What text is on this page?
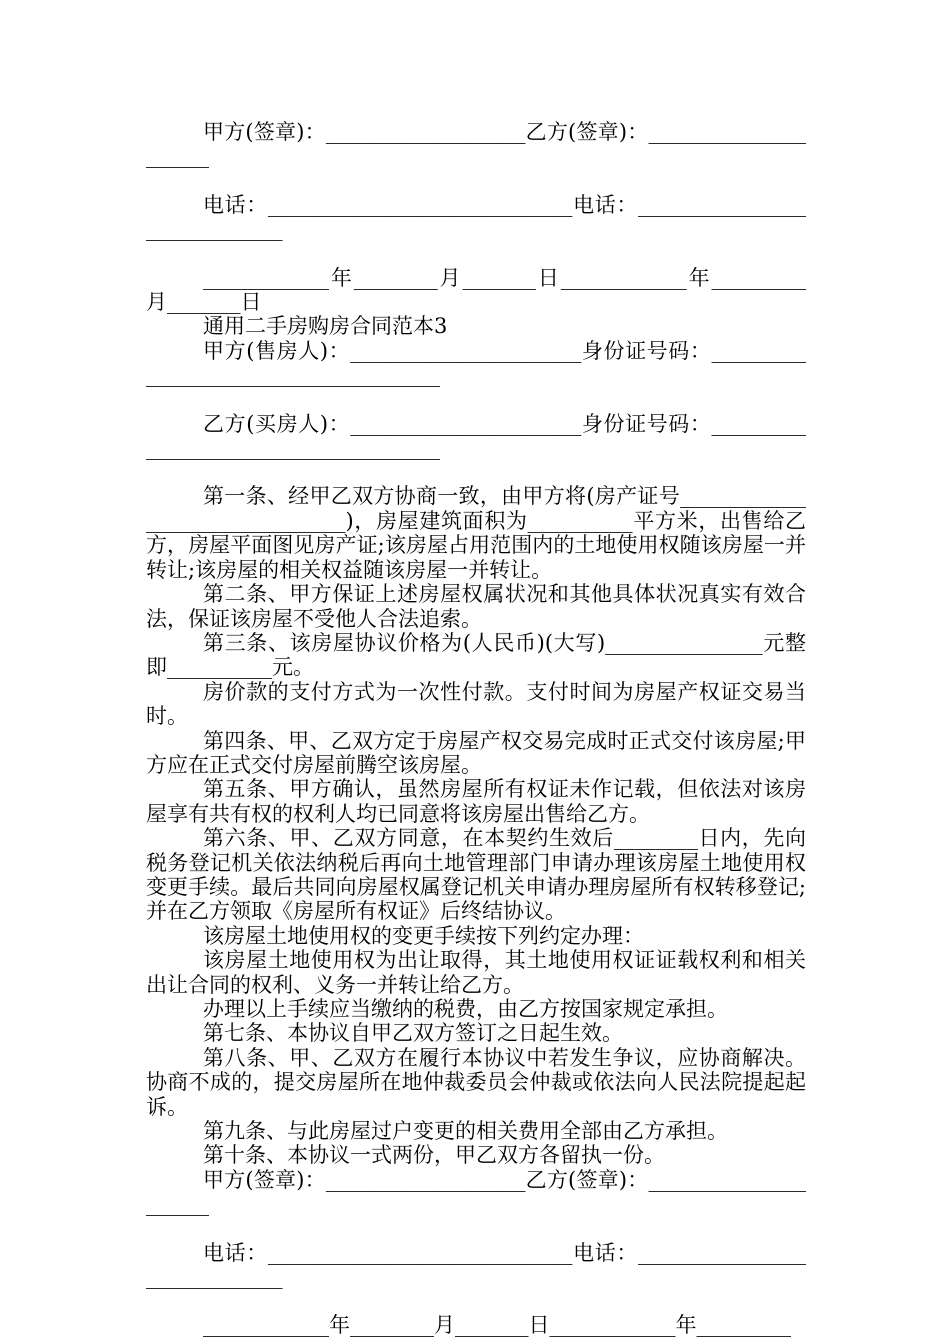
甲方(签章)：___________________乙方(签章)：_____________________

电话：_____________________________电话：_____________________________

____________年________月_______日____________年_________月_______日

通用二手房购房合同范本3

甲方(售房人)：______________________身份证号码：_____________________________________

乙方(买房人)：______________________身份证号码：_____________________________________

第一条、经甲乙双方协商一致，由甲方将(房产证号_______________________________)，房屋建筑面积为__________平方米，出售给乙方，房屋平面图见房产证;该房屋占用范围内的土地使用权随该房屋一并转让;该房屋的相关权益随该房屋一并转让。

第二条、甲方保证上述房屋权属状况和其他具体状况真实有效合法，保证该房屋不受他人合法追索。

第三条、该房屋协议价格为(人民币)(大写)_______________元整即__________元。

房价款的支付方式为一次性付款。支付时间为房屋产权证交易当时。

第四条、甲、乙双方定于房屋产权交易完成时正式交付该房屋;甲方应在正式交付房屋前腾空该房屋。

第五条、甲方确认，虽然房屋所有权证未作记载，但依法对该房屋享有共有权的权利人均已同意将该房屋出售给乙方。

第六条、甲、乙双方同意，在本契约生效后________日内，先向税务登记机关依法纳税后再向土地管理部门申请办理该房屋土地使用权变更手续。最后共同向房屋权属登记机关申请办理房屋所有权转移登记;并在乙方领取《房屋所有权证》后终结协议。

该房屋土地使用权的变更手续按下列约定办理：

该房屋土地使用权为出让取得，其土地使用权证证载权利和相关出让合同的权利、义务一并转让给乙方。

办理以上手续应当缴纳的税费，由乙方按国家规定承担。

第七条、本协议自甲乙双方签订之日起生效。

第八条、甲、乙双方在履行本协议中若发生争议，应协商解决。协商不成的，提交房屋所在地仲裁委员会仲裁或依法向人民法院提起起诉。

第九条、与此房屋过户变更的相关费用全部由乙方承担。

第十条、本协议一式两份，甲乙双方各留执一份。

甲方(签章)：___________________乙方(签章)：_____________________

电话：_____________________________电话：_____________________________

____________年________月_______日____________年_________
